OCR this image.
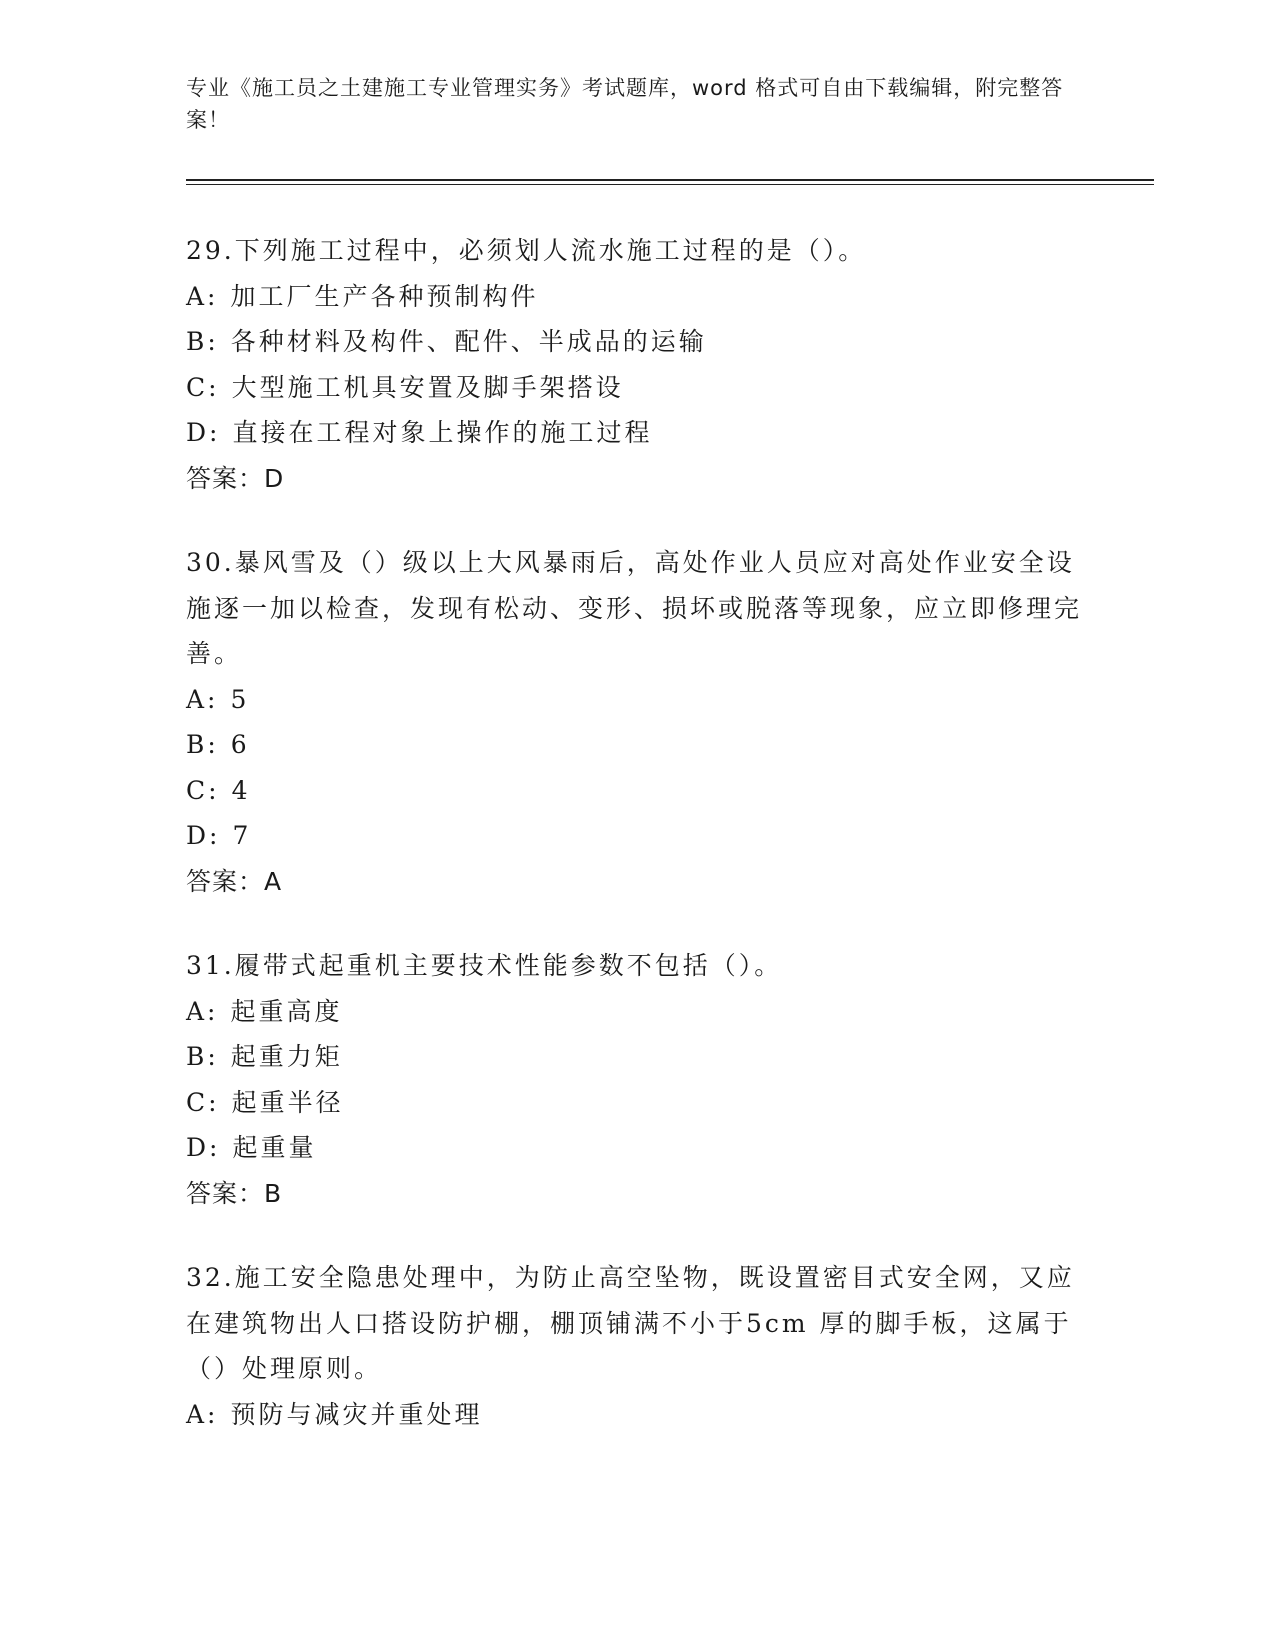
专业《施工员之土建施工专业管理实务》考试题库，word 格式可自由下载编辑，附完整答案！
29.下列施工过程中，必须划人流水施工过程的是（）。
A: 加工厂生产各种预制构件
B: 各种材料及构件、配件、半成品的运输
C: 大型施工机具安置及脚手架搭设
D: 直接在工程对象上操作的施工过程
答案：D
30.暴风雪及（）级以上大风暴雨后，高处作业人员应对高处作业安全设施逐一加以检查，发现有松动、变形、损坏或脱落等现象，应立即修理完善。
A: 5
B: 6
C: 4
D: 7
答案：A
31.履带式起重机主要技术性能参数不包括（）。
A: 起重高度
B: 起重力矩
C: 起重半径
D: 起重量
答案：B
32.施工安全隐患处理中，为防止高空坠物，既设置密目式安全网，又应在建筑物出人口搭设防护棚，棚顶铺满不小于5cm 厚的脚手板，这属于（）处理原则。
A: 预防与减灾并重处理
